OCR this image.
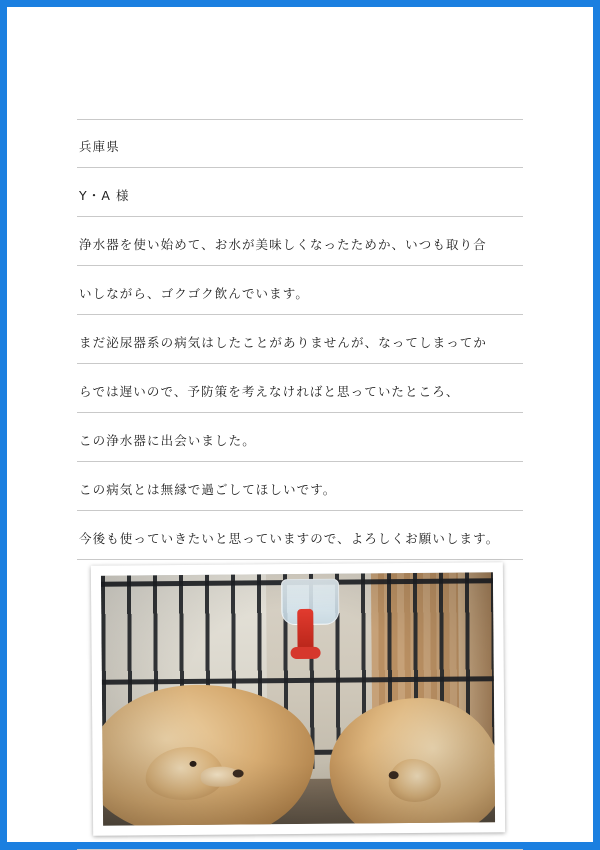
兵庫県
Y・A 様
浄水器を使い始めて、お水が美味しくなったためか、いつも取り合
いしながら、ゴクゴク飲んでいます。
まだ泌尿器系の病気はしたことがありませんが、なってしまってか
らでは遅いので、予防策を考えなければと思っていたところ、
この浄水器に出会いました。
この病気とは無縁で過ごしてほしいです。
今後も使っていきたいと思っていますので、よろしくお願いします。
